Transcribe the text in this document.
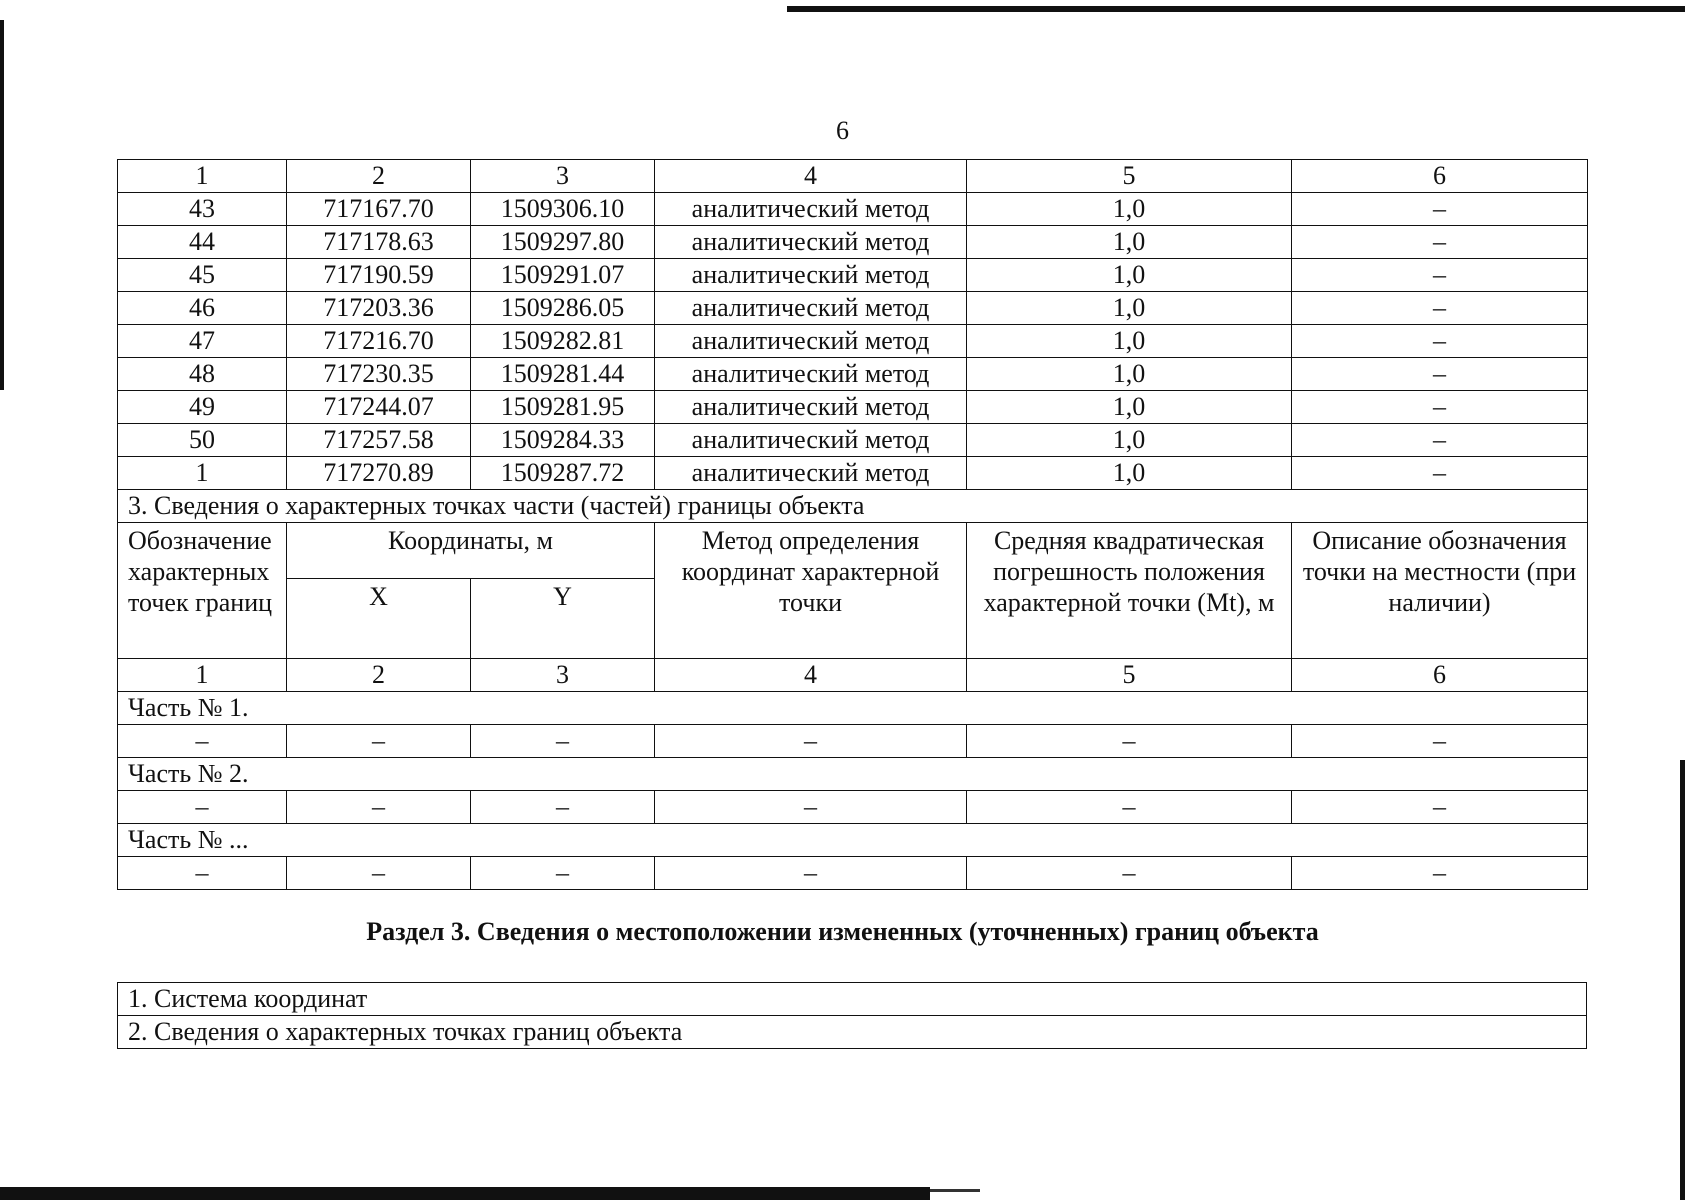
6
1	2	3	4	5	6
43	717167.70	1509306.10	аналитический метод	1,0	–
44	717178.63	1509297.80	аналитический метод	1,0	–
45	717190.59	1509291.07	аналитический метод	1,0	–
46	717203.36	1509286.05	аналитический метод	1,0	–
47	717216.70	1509282.81	аналитический метод	1,0	–
48	717230.35	1509281.44	аналитический метод	1,0	–
49	717244.07	1509281.95	аналитический метод	1,0	–
50	717257.58	1509284.33	аналитический метод	1,0	–
1	717270.89	1509287.72	аналитический метод	1,0	–
3. Сведения о характерных точках части (частей) границы объекта					
Обозначение характерных точек границ	Координаты, м		Метод определения координат характерной точки	Средняя квадратическая погрешность положения характерной точки (Mt), м	Описание обозначения точки на местности (при наличии)
	X	Y			
1	2	3	4	5	6
Часть № 1.					
–	–	–	–	–	–
Часть № 2.					
–	–	–	–	–	–
Часть № ...					
–	–	–	–	–	–
Раздел 3. Сведения о местоположении измененных (уточненных) границ объекта
1. Система координат
2. Сведения о характерных точках границ объекта
